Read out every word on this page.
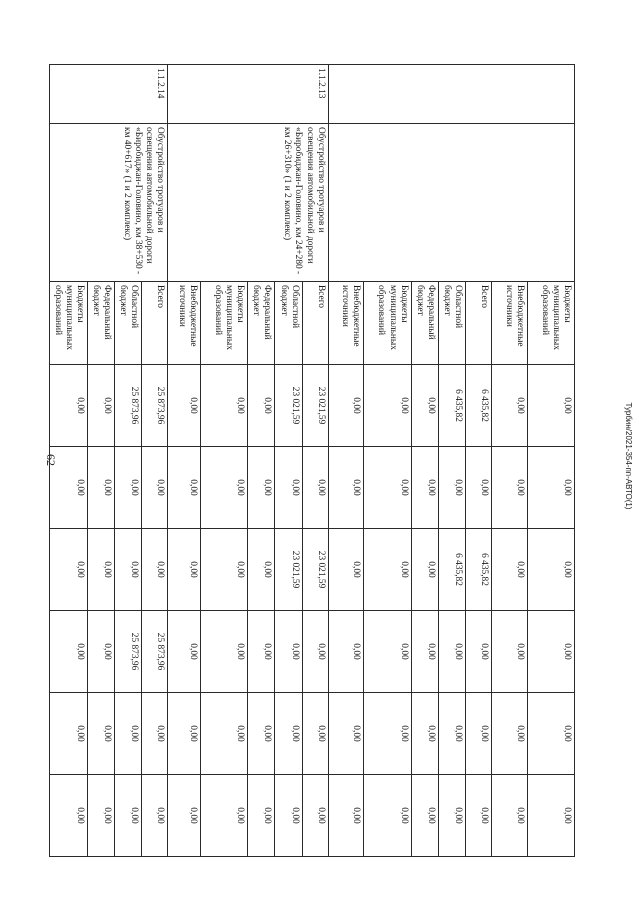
62
		Бюджеты муниципальных образований	0,00	0,00	0,00	0,00	0,00	0,00
		Внебюджетные источники	0,00	0,00	0,00	0,00	0,00	0,00
		Всего	6 435,82	0,00	6 435,82	0,00	0,00	0,00
		Областной бюджет	6 435,82	0,00	6 435,82	0,00	0,00	0,00
		Федеральный бюджет	0,00	0,00	0,00	0,00	0,00	0,00
		Бюджеты муниципальных образований	0,00	0,00	0,00	0,00	0,00	0,00
		Внебюджетные источники	0,00	0,00	0,00	0,00	0,00	0,00
1.1.2.13	Обустройство тротуаров и освещения автомобильной дороги «Биробиджан-Головино, км 24+280 - км 26+310» (1 и 2 комплекс)	Всего	23 021,59	0,00	23 021,59	0,00	0,00	0,00
		Областной бюджет	23 021,59	0,00	23 021,59	0,00	0,00	0,00
		Федеральный бюджет	0,00	0,00	0,00	0,00	0,00	0,00
		Бюджеты муниципальных образований	0,00	0,00	0,00	0,00	0,00	0,00
		Внебюджетные источники	0,00	0,00	0,00	0,00	0,00	0,00
1.1.2.14	Обустройство тротуаров и освещения автомобильной дороги «Биробиджан-Головино, км 38+530 - км 40+617» (1 и 2 комплекс)	Всего	25 873,96	0,00	0,00	25 873,96	0,00	0,00
		Областной бюджет	25 873,96	0,00	0,00	25 873,96	0,00	0,00
		Федеральный бюджет	0,00	0,00	0,00	0,00	0,00	0,00
		Бюджеты муниципальных образований	0,00	0,00	0,00	0,00	0,00	0,00
Турбин/2021-354-пп-АВТО(1)
